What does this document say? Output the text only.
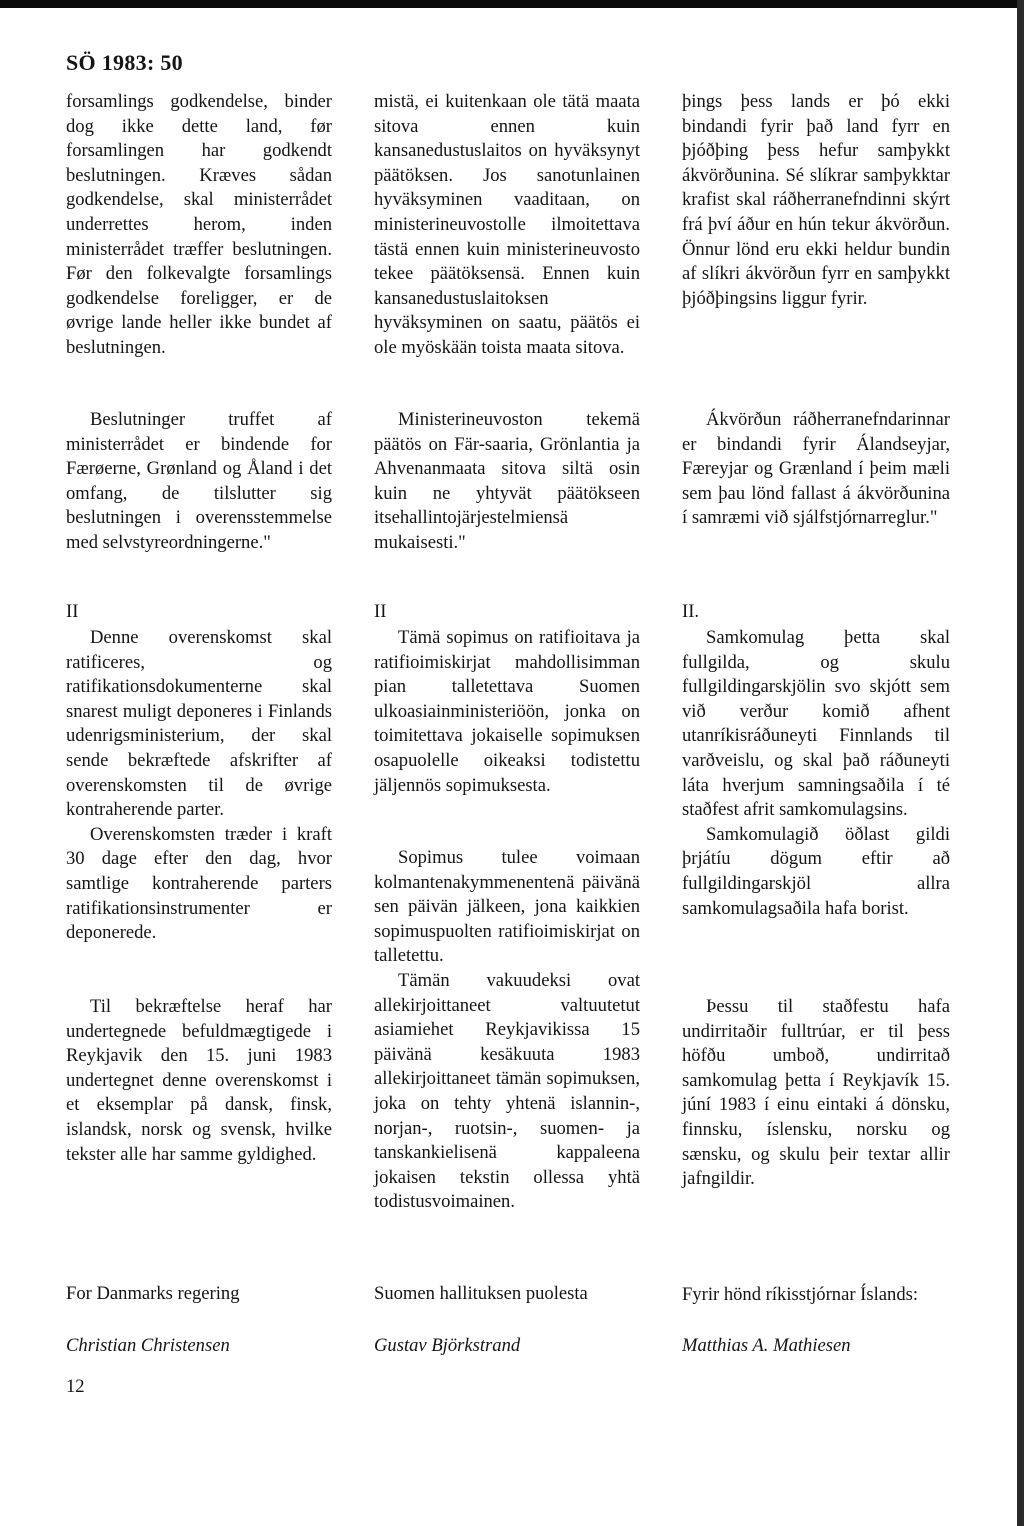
SÖ 1983: 50

forsamlings godkendelse, binder dog ikke dette land, før forsamlingen har godkendt beslutningen. Kræves sådan godkendelse, skal ministerrådet underrettes herom, inden ministerrådet træffer beslutningen. Før den folkevalgte forsamlings godkendelse foreligger, er de øvrige lande heller ikke bundet af beslutningen.

Beslutninger truffet af ministerrådet er bindende for Færøerne, Grønland og Åland i det omfang, de tilslutter sig beslutningen i overensstemmelse med selvstyreordningerne."

II

Denne overenskomst skal ratificeres, og ratifikationsdokumenterne skal snarest muligt deponeres i Finlands udenrigsministerium, der skal sende bekræftede afskrifter af overenskomsten til de øvrige kontraherende parter.

Overenskomsten træder i kraft 30 dage efter den dag, hvor samtlige kontraherende parters ratifikationsinstrumenter er deponerede.

Til bekræftelse heraf har undertegnede befuldmægtigede i Reykjavik den 15. juni 1983 undertegnet denne overenskomst i et eksemplar på dansk, finsk, islandsk, norsk og svensk, hvilke tekster alle har samme gyldighed.

For Danmarks regering
Christian Christensen
12

mistä, ei kuitenkaan ole tätä maata sitova ennen kuin kansanedustuslaitos on hyväksynyt päätöksen. Jos sanotunlainen hyväksyminen vaaditaan, on ministerineuvostolle ilmoitettava tästä ennen kuin ministerineuvosto tekee päätöksensä. Ennen kuin kansanedustuslaitoksen hyväksyminen on saatu, päätös ei ole myöskään toista maata sitova.

Ministerineuvoston tekemä päätös on Fär-saaria, Grönlantia ja Ahvenanmaata sitova siltä osin kuin ne yhtyvät päätökseen itsehallintojärjestelmiensä mukaisesti."

II

Tämä sopimus on ratifioitava ja ratifioimiskirjat mahdollisimman pian talletettava Suomen ulkoasiainministeriöön, jonka on toimitettava jokaiselle sopimuksen osapuolelle oikeaksi todistettu jäljennös sopimuksesta.

Sopimus tulee voimaan kolmantenakymmenentenä päivänä sen päivän jälkeen, jona kaikkien sopimuspuolten ratifioimiskirjat on talletettu.

Tämän vakuudeksi ovat allekirjoittaneet valtuutetut asiamiehet Reykjavikissa 15 päivänä kesäkuuta 1983 allekirjoittaneet tämän sopimuksen, joka on tehty yhtenä islannin-, norjan-, ruotsin-, suomen- ja tanskankielisenä kappaleena jokaisen tekstin ollessa yhtä todistusvoimainen.

Suomen hallituksen puolesta
Gustav Björkstrand

þings þess lands er þó ekki bindandi fyrir það land fyrr en þjóðþing þess hefur samþykkt ákvörðunina. Sé slíkrar samþykktar krafist skal ráðherranefndinni skýrt frá því áður en hún tekur ákvörðun. Önnur lönd eru ekki heldur bundin af slíkri ákvörðun fyrr en samþykkt þjóðþingsins liggur fyrir.

Ákvörðun ráðherranefndarinnar er bindandi fyrir Álandseyjar, Færeyjar og Grænland í þeim mæli sem þau lönd fallast á ákvörðunina í samræmi við sjálfstjórnarreglur."

II.

Samkomulag þetta skal fullgilda, og skulu fullgildingarskjölin svo skjótt sem við verður komið afhent utanríkisráðuneyti Finnlands til varðveislu, og skal það ráðuneyti láta hverjum samningsaðila í té staðfest afrit samkomulagsins.

Samkomulagið öðlast gildi þrjátíu dögum eftir að fullgildingarskjöl allra samkomulagsaðila hafa borist.

Þessu til staðfestu hafa undirritaðir fulltrúar, er til þess höfðu umboð, undirritað samkomulag þetta í Reykjavík 15. júní 1983 í einu eintaki á dönsku, finnsku, íslensku, norsku og sænsku, og skulu þeir textar allir jafngildir.

Fyrir hönd ríkisstjórnar Íslands:
Matthias A. Mathiesen
